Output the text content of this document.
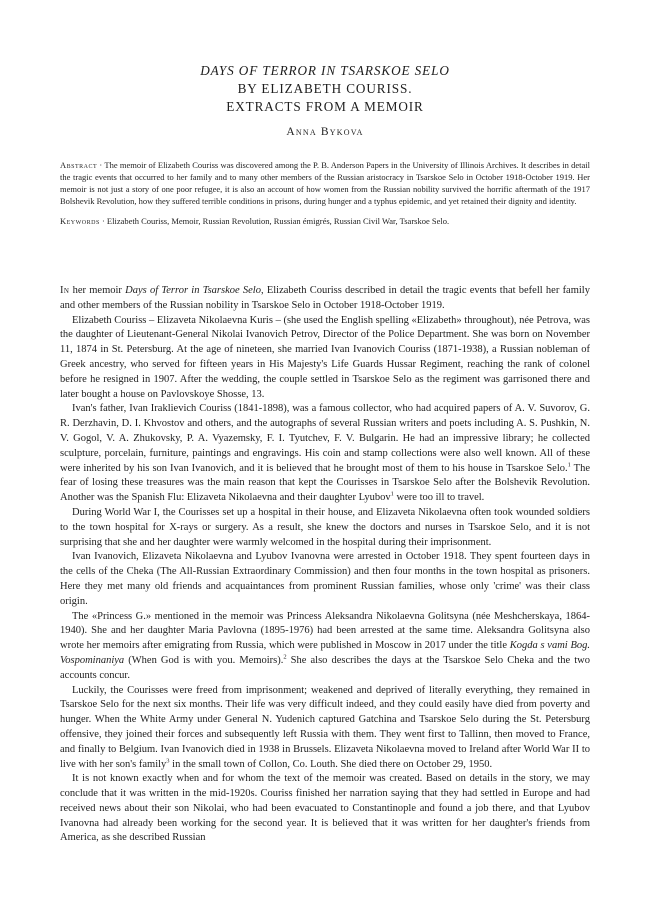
DAYS OF TERROR IN TSARSKOE SELO
BY ELIZABETH COURISS.
EXTRACTS FROM A MEMOIR
Anna Bykova

Abstract · The memoir of Elizabeth Couriss was discovered among the P. B. Anderson Papers in the University of Illinois Archives. It describes in detail the tragic events that occurred to her family and to many other members of the Russian aristocracy in Tsarskoe Selo in October 1918-October 1919. Her memoir is not just a story of one poor refugee, it is also an account of how women from the Russian nobility survived the horrific aftermath of the 1917 Bolshevik Revolution, how they suffered terrible conditions in prisons, during hunger and a typhus epidemic, and yet retained their dignity and identity.

Keywords · Elizabeth Couriss, Memoir, Russian Revolution, Russian émigrés, Russian Civil War, Tsarskoe Selo.

In her memoir Days of Terror in Tsarskoe Selo, Elizabeth Couriss described in detail the tragic events that befell her family and other members of the Russian nobility in Tsarskoe Selo in October 1918-October 1919.

Elizabeth Couriss – Elizaveta Nikolaevna Kuris – (she used the English spelling «Elizabeth» throughout), née Petrova, was the daughter of Lieutenant-General Nikolai Ivanovich Petrov, Director of the Police Department. She was born on November 11, 1874 in St. Petersburg. At the age of nineteen, she married Ivan Ivanovich Couriss (1871-1938), a Russian nobleman of Greek ancestry, who served for fifteen years in His Majesty's Life Guards Hussar Regiment, reaching the rank of colonel before he resigned in 1907. After the wedding, the couple settled in Tsarskoe Selo as the regiment was garrisoned there and later bought a house on Pavlovskoye Shosse, 13.

Ivan's father, Ivan Iraklievich Couriss (1841-1898), was a famous collector, who had acquired papers of A. V. Suvorov, G. R. Derzhavin, D. I. Khvostov and others, and the autographs of several Russian writers and poets including A. S. Pushkin, N. V. Gogol, V. A. Zhukovsky, P. A. Vyazemsky, F. I. Tyutchev, F. V. Bulgarin. He had an impressive library; he collected sculpture, porcelain, furniture, paintings and engravings. His coin and stamp collections were also well known. All of these were inherited by his son Ivan Ivanovich, and it is believed that he brought most of them to his house in Tsarskoe Selo.$^1$ The fear of losing these treasures was the main reason that kept the Courisses in Tsarskoe Selo after the Bolshevik Revolution. Another was the Spanish Flu: Elizaveta Nikolaevna and their daughter Lyubov$^1$ were too ill to travel.

During World War I, the Courisses set up a hospital in their house, and Elizaveta Nikolaevna often took wounded soldiers to the town hospital for X-rays or surgery. As a result, she knew the doctors and nurses in Tsarskoe Selo, and it is not surprising that she and her daughter were warmly welcomed in the hospital during their imprisonment.

Ivan Ivanovich, Elizaveta Nikolaevna and Lyubov Ivanovna were arrested in October 1918. They spent fourteen days in the cells of the Cheka (The All-Russian Extraordinary Commission) and then four months in the town hospital as prisoners. Here they met many old friends and acquaintances from prominent Russian families, whose only 'crime' was their class origin.

The «Princess G.» mentioned in the memoir was Princess Aleksandra Nikolaevna Golitsyna (née Meshcherskaya, 1864-1940). She and her daughter Maria Pavlovna (1895-1976) had been arrested at the same time. Aleksandra Golitsyna also wrote her memoirs after emigrating from Russia, which were published in Moscow in 2017 under the title Kogda s vami Bog. Vospominaniya (When God is with you. Memoirs).$^2$ She also describes the days at the Tsarskoe Selo Cheka and the two accounts concur.

Luckily, the Courisses were freed from imprisonment; weakened and deprived of literally everything, they remained in Tsarskoe Selo for the next six months. Their life was very difficult indeed, and they could easily have died from poverty and hunger. When the White Army under General N. Yudenich captured Gatchina and Tsarskoe Selo during the St. Petersburg offensive, they joined their forces and subsequently left Russia with them. They went first to Tallinn, then moved to France, and finally to Belgium. Ivan Ivanovich died in 1938 in Brussels. Elizaveta Nikolaevna moved to Ireland after World War II to live with her son's family$^3$ in the small town of Collon, Co. Louth. She died there on October 29, 1950.

It is not known exactly when and for whom the text of the memoir was created. Based on details in the story, we may conclude that it was written in the mid-1920s. Couriss finished her narration saying that they had settled in Europe and had received news about their son Nikolai, who had been evacuated to Constantinople and found a job there, and that Lyubov Ivanovna had already been working for the second year. It is believed that it was written for her daughter's friends from America, as she described Russian
